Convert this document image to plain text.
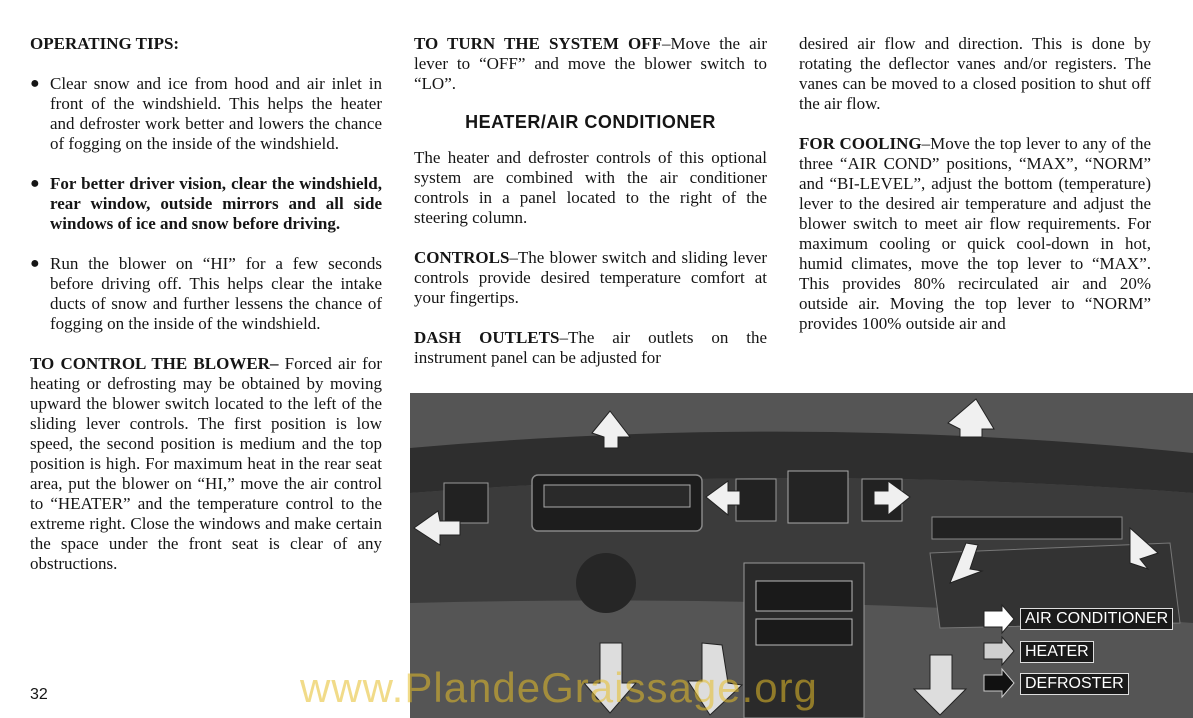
OPERATING TIPS:

● Clear snow and ice from hood and air inlet in front of the windshield. This helps the heater and defroster work better and lowers the chance of fogging on the inside of the windshield.
● For better driver vision, clear the windshield, rear window, outside mirrors and all side windows of ice and snow before driving.
● Run the blower on “HI” for a few seconds before driving off. This helps clear the intake ducts of snow and further lessens the chance of fogging on the inside of the windshield.

TO CONTROL THE BLOWER– Forced air for heating or defrosting may be obtained by moving upward the blower switch located to the left of the sliding lever controls. The first position is low speed, the second position is medium and the top position is high. For maximum heat in the rear seat area, put the blower on “HI,” move the air control to “HEATER” and the temperature control to the extreme right. Close the windows and make certain the space under the front seat is clear of any obstructions.

TO TURN THE SYSTEM OFF–Move the air lever to “OFF” and move the blower switch to “LO”.

HEATER/AIR CONDITIONER

The heater and defroster controls of this optional system are combined with the air conditioner controls in a panel located to the right of the steering column.

CONTROLS–The blower switch and sliding lever controls provide desired temperature comfort at your fingertips.

DASH OUTLETS–The air outlets on the instrument panel can be adjusted for

desired air flow and direction. This is done by rotating the deflector vanes and/or registers. The vanes can be moved to a closed position to shut off the air flow.

FOR COOLING–Move the top lever to any of the three “AIR COND” positions, “MAX”, “NORM” and “BI-LEVEL”, adjust the bottom (temperature) lever to the desired air temperature and adjust the blower switch to meet air flow requirements. For maximum cooling or quick cool-down in hot, humid climates, move the top lever to “MAX”. This provides 80% recirculated air and 20% outside air. Moving the top lever to “NORM” provides 100% outside air and

AIR CONDITIONER
HEATER
DEFROSTER
32	www.PlandeGraissage.org
